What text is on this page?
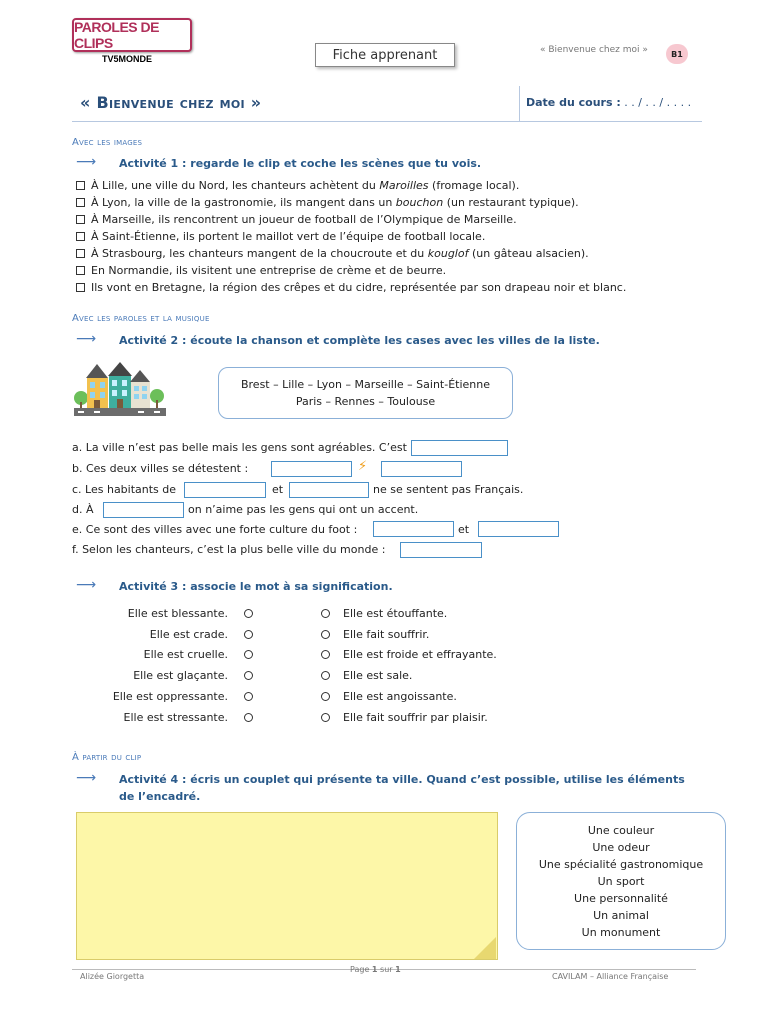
PAROLES DE CLIPS
TV5MONDE	Fiche apprenant	« Bienvenue chez moi »	B1
« Bienvenue chez moi »	Date du cours : . . / . . / . . . .
Avec les images
⟶ Activité 1 : regarde le clip et coche les scènes que tu vois.
À Lille, une ville du Nord, les chanteurs achètent du Maroilles (fromage local).
À Lyon, la ville de la gastronomie, ils mangent dans un bouchon (un restaurant typique).
À Marseille, ils rencontrent un joueur de football de l’Olympique de Marseille.
À Saint-Étienne, ils portent le maillot vert de l’équipe de football locale.
À Strasbourg, les chanteurs mangent de la choucroute et du kouglof (un gâteau alsacien).
En Normandie, ils visitent une entreprise de crème et de beurre.
Ils vont en Bretagne, la région des crêpes et du cidre, représentée par son drapeau noir et blanc.
Avec les paroles et la musique
⟶ Activité 2 : écoute la chanson et complète les cases avec les villes de la liste.
Brest – Lille – Lyon – Marseille – Saint-Étienne
Paris – Rennes – Toulouse
a. La ville n’est pas belle mais les gens sont agréables. C’est
b. Ces deux villes se détestent :	⚡
c. Les habitants de	et	ne se sentent pas Français.
d. À	on n’aime pas les gens qui ont un accent.
e. Ce sont des villes avec une forte culture du foot :	et
f. Selon les chanteurs, c’est la plus belle ville du monde :
⟶ Activité 3 : associe le mot à sa signification.
Elle est blessante.	Elle est étouffante.
Elle est crade.	Elle fait souffrir.
Elle est cruelle.	Elle est froide et effrayante.
Elle est glaçante.	Elle est sale.
Elle est oppressante.	Elle est angoissante.
Elle est stressante.	Elle fait souffrir par plaisir.
À partir du clip
⟶ Activité 4 : écris un couplet qui présente ta ville. Quand c’est possible, utilise les éléments
de l’encadré.
Une couleur
Une odeur
Une spécialité gastronomique
Un sport
Une personnalité
Un animal
Un monument
Alizée Giorgetta
Page 1 sur 1
CAVILAM – Alliance Française
